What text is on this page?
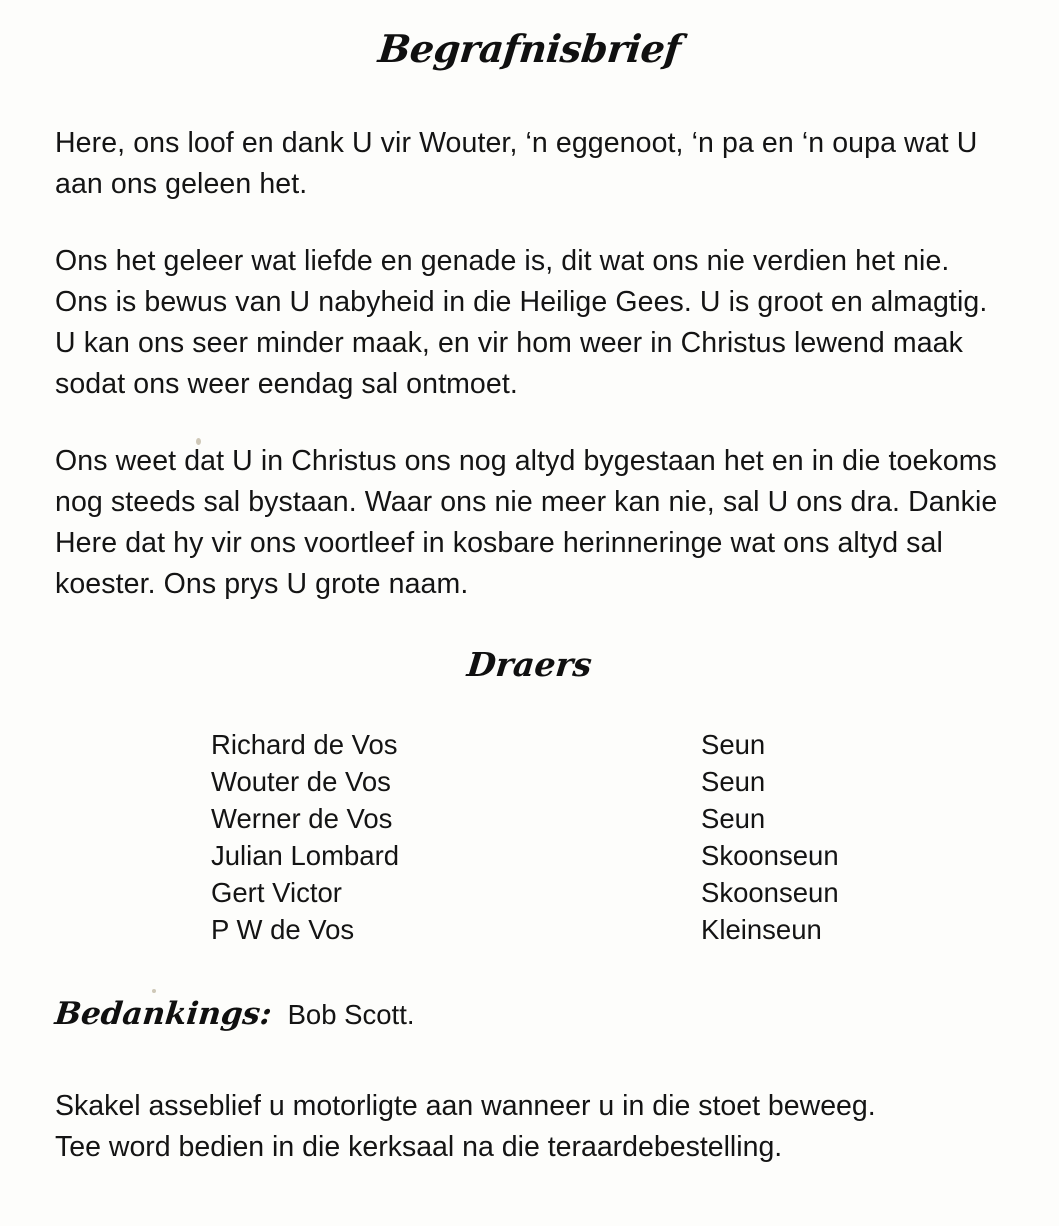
Begrafnisbrief

Here, ons loof en dank U vir Wouter, ‘n eggenoot, ‘n pa en ‘n oupa wat U aan ons geleen het.

Ons het geleer wat liefde en genade is, dit wat ons nie verdien het nie. Ons is bewus van U nabyheid in die Heilige Gees. U is groot en almagtig. U kan ons seer minder maak, en vir hom weer in Christus lewend maak sodat ons weer eendag sal ontmoet.

Ons weet dat U in Christus ons nog altyd bygestaan het en in die toekoms nog steeds sal bystaan. Waar ons nie meer kan nie, sal U ons dra. Dankie Here dat hy vir ons voortleef in kosbare herinneringe wat ons altyd sal koester. Ons prys U grote naam.

Draers
Richard de Vos	Seun
Wouter de Vos	Seun
Werner de Vos	Seun
Julian Lombard	Skoonseun
Gert Victor	Skoonseun
P W de Vos	Kleinseun
Bedankings: Bob Scott.

Skakel asseblief u motorligte aan wanneer u in die stoet beweeg.

Tee word bedien in die kerksaal na die teraardebestelling.
